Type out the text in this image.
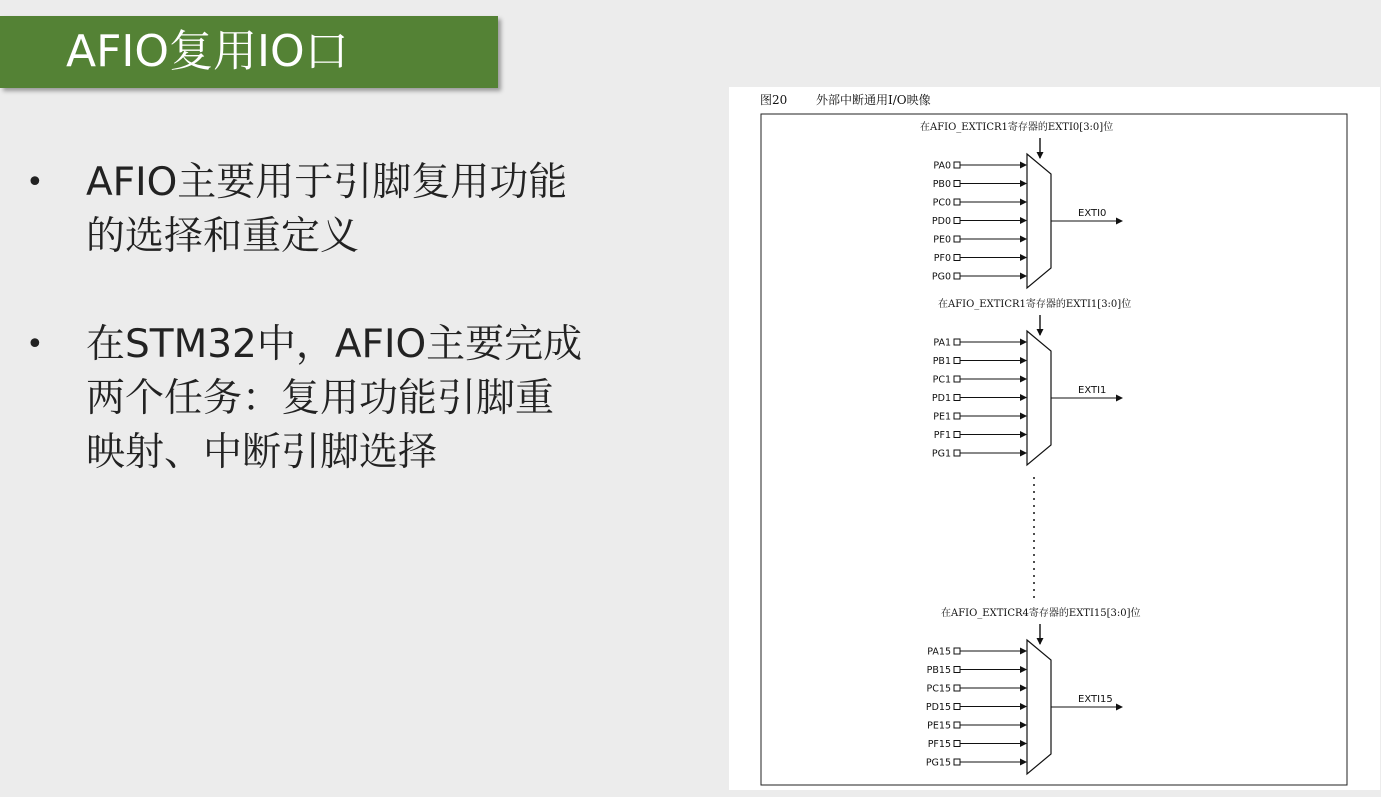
AFIO复用IO口
• AFIO主要用于引脚复用功能
的选择和重定义
• 在STM32中，AFIO主要完成
两个任务：复用功能引脚重
映射、中断引脚选择
图20 外部中断通用I/O映像
在AFIO_EXTICR1寄存器的EXTI0[3:0]位
PA0
PB0
PC0
PD0
PE0
PF0
PG0
EXTI0
在AFIO_EXTICR1寄存器的EXTI1[3:0]位
PA1
PB1
PC1
PD1
PE1
PF1
PG1
EXTI1
在AFIO_EXTICR4寄存器的EXTI15[3:0]位
PA15
PB15
PC15
PD15
PE15
PF15
PG15
EXTI15
